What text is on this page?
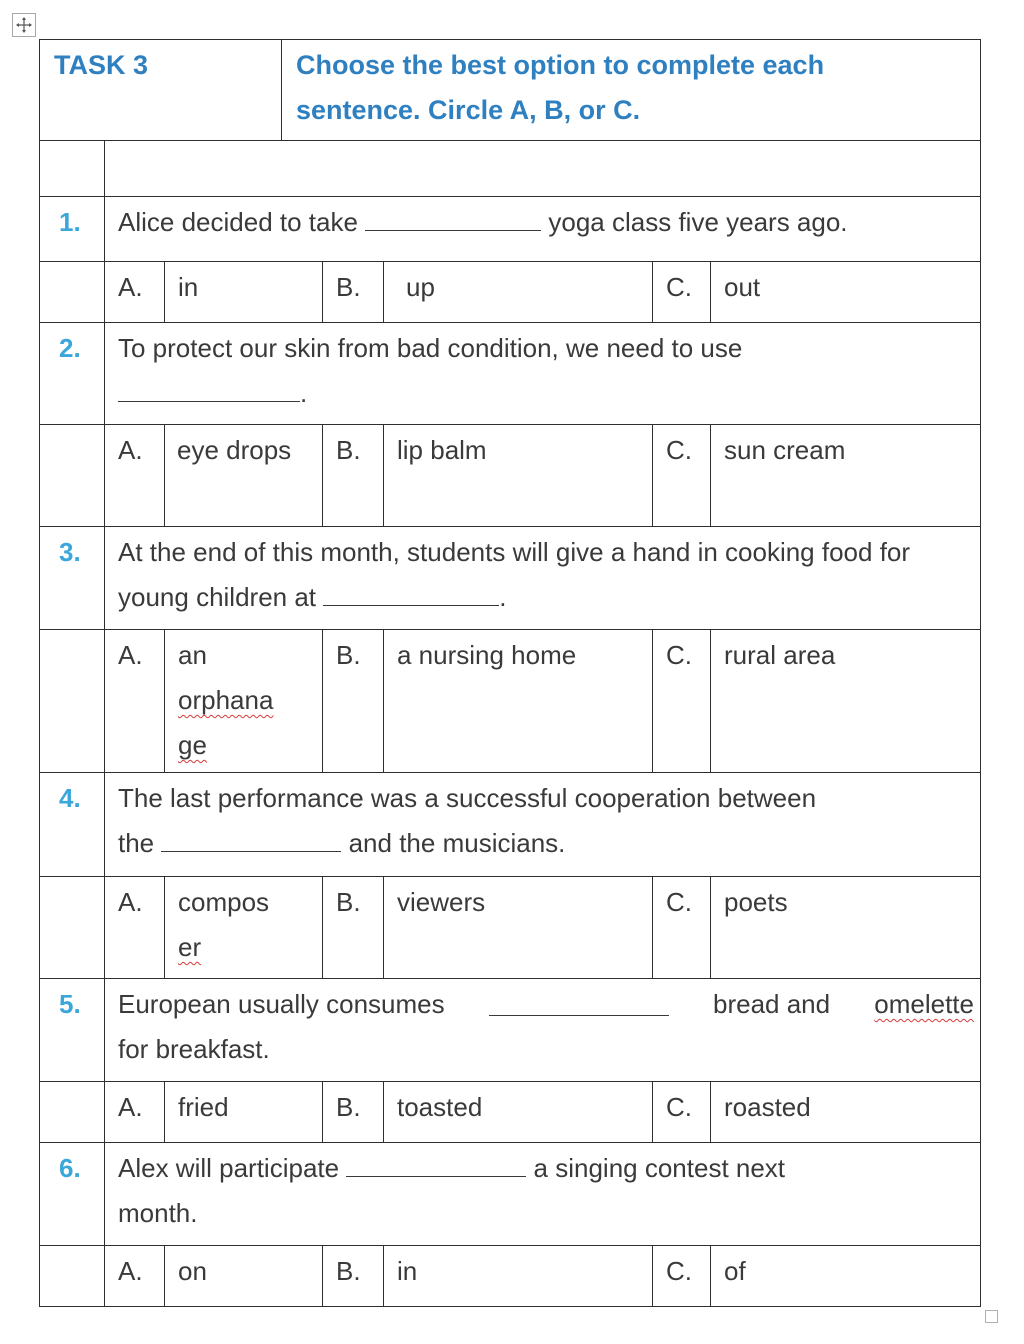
TASK 3	Choose the best option to complete each sentence. Circle A, B, or C.
1.	Alice decided to take	yoga class five years ago.
A.	in	B.	up	C.	out
2.	To protect our skin from bad condition, we need to use .
A.	eye drops	B.	lip balm	C.	sun cream
3.	At the end of this month, students will give a hand in cooking food for young children at	.
A.	an
orphana
ge
B.	a nursing home	C.	rural area
4.	The last performance was a successful cooperation between
the	and the musicians.
A.	compos
er
B.	viewers	C.	poets
5.	European usually consumes	bread and omelette
for breakfast.
A.	fried	B.	toasted	C.	roasted
6.	Alex will participate	a singing contest next
month.
A.	on	B.	in	C.	of
